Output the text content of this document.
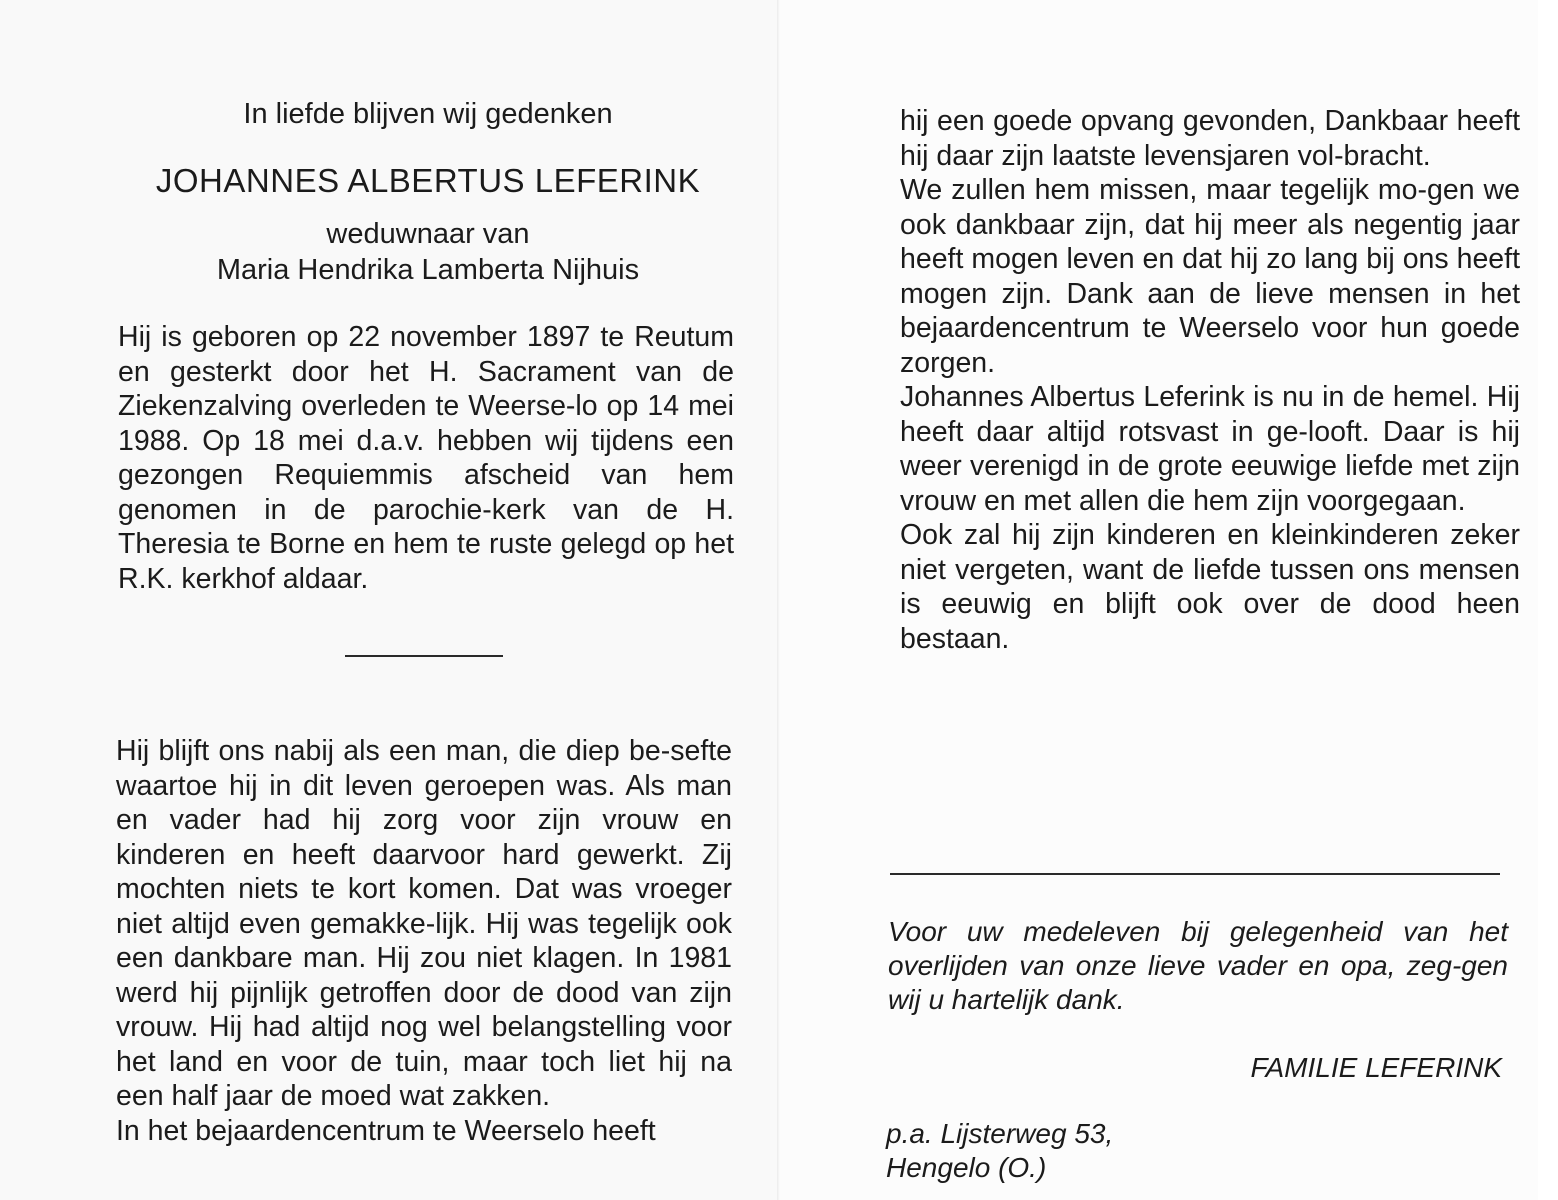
In liefde blijven wij gedenken
JOHANNES ALBERTUS LEFERINK
weduwnaar van
Maria Hendrika Lamberta Nijhuis

Hij is geboren op 22 november 1897 te Reutum en gesterkt door het H. Sacrament van de Ziekenzalving overleden te Weerse-lo op 14 mei 1988. Op 18 mei d.a.v. hebben wij tijdens een gezongen Requiemmis afscheid van hem genomen in de parochie-kerk van de H. Theresia te Borne en hem te ruste gelegd op het R.K. kerkhof aldaar.

Hij blijft ons nabij als een man, die diep be-sefte waartoe hij in dit leven geroepen was. Als man en vader had hij zorg voor zijn vrouw en kinderen en heeft daarvoor hard gewerkt. Zij mochten niets te kort komen. Dat was vroeger niet altijd even gemakke-lijk. Hij was tegelijk ook een dankbare man. Hij zou niet klagen. In 1981 werd hij pijnlijk getroffen door de dood van zijn vrouw. Hij had altijd nog wel belangstelling voor het land en voor de tuin, maar toch liet hij na een half jaar de moed wat zakken.

In het bejaardencentrum te Weerselo heeft

hij een goede opvang gevonden, Dankbaar heeft hij daar zijn laatste levensjaren vol-bracht.

We zullen hem missen, maar tegelijk mo-gen we ook dankbaar zijn, dat hij meer als negentig jaar heeft mogen leven en dat hij zo lang bij ons heeft mogen zijn. Dank aan de lieve mensen in het bejaardencentrum te Weerselo voor hun goede zorgen.

Johannes Albertus Leferink is nu in de hemel. Hij heeft daar altijd rotsvast in ge-looft. Daar is hij weer verenigd in de grote eeuwige liefde met zijn vrouw en met allen die hem zijn voorgegaan.

Ook zal hij zijn kinderen en kleinkinderen zeker niet vergeten, want de liefde tussen ons mensen is eeuwig en blijft ook over de dood heen bestaan.

Voor uw medeleven bij gelegenheid van het overlijden van onze lieve vader en opa, zeg-gen wij u hartelijk dank.
FAMILIE LEFERINK
p.a. Lijsterweg 53,
Hengelo (O.)
